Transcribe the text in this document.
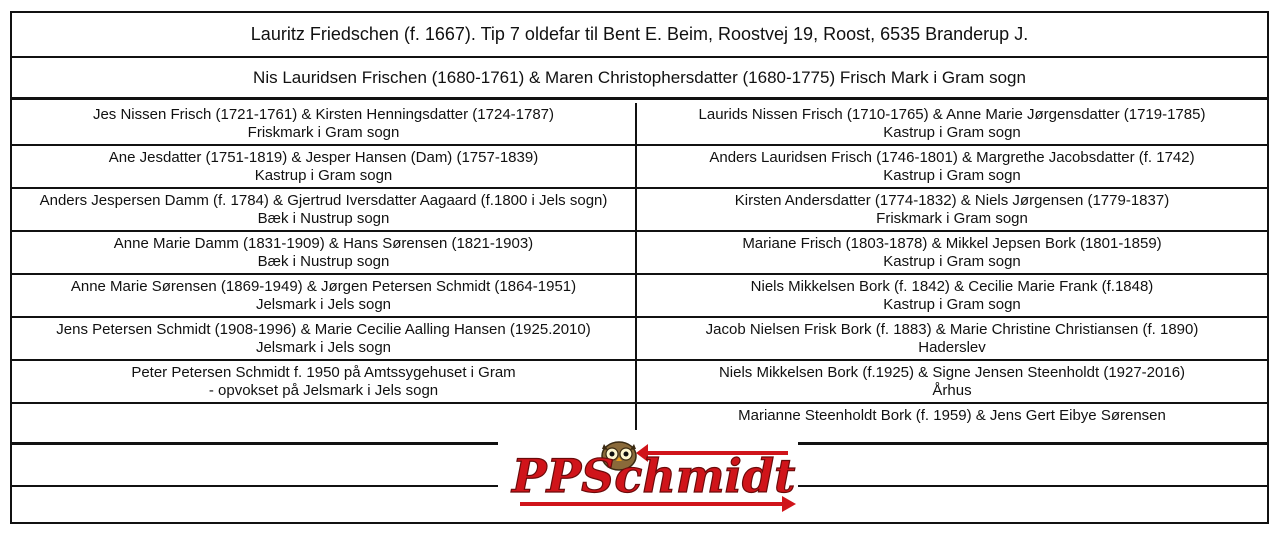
Lauritz Friedschen (f. 1667). Tip 7 oldefar til Bent E. Beim, Roostvej 19, Roost, 6535 Branderup J.
Nis Lauridsen Frischen (1680-1761) & Maren Christophersdatter (1680-1775) Frisch Mark i Gram sogn
Jes Nissen Frisch (1721-1761) & Kirsten Henningsdatter (1724-1787)
Friskmark i Gram sogn
Laurids Nissen Frisch (1710-1765) & Anne Marie Jørgensdatter (1719-1785)
Kastrup i Gram sogn
Ane Jesdatter (1751-1819) & Jesper Hansen (Dam) (1757-1839)
Kastrup i Gram sogn
Anders Lauridsen Frisch (1746-1801) & Margrethe Jacobsdatter (f. 1742)
Kastrup i Gram sogn
Anders Jespersen Damm (f. 1784) & Gjertrud Iversdatter Aagaard (f.1800 i Jels sogn)
Bæk i Nustrup sogn
Kirsten Andersdatter (1774-1832) & Niels Jørgensen (1779-1837)
Friskmark i Gram sogn
Anne Marie Damm (1831-1909) & Hans Sørensen (1821-1903)
Bæk i Nustrup sogn
Mariane Frisch (1803-1878) & Mikkel Jepsen Bork (1801-1859)
Kastrup i Gram sogn
Anne Marie Sørensen (1869-1949) & Jørgen Petersen Schmidt (1864-1951)
Jelsmark i Jels sogn
Niels Mikkelsen Bork (f. 1842) & Cecilie Marie Frank (f.1848)
Kastrup i Gram sogn
Jens Petersen Schmidt (1908-1996) & Marie Cecilie Aalling Hansen (1925.2010)
Jelsmark i Jels sogn
Jacob Nielsen Frisk Bork (f. 1883) & Marie Christine Christiansen (f. 1890)
Haderslev
Peter Petersen Schmidt f. 1950 på Amtssygehuset i Gram
- opvokset på Jelsmark i Jels sogn
Niels Mikkelsen Bork (f.1925) & Signe Jensen Steenholdt (1927-2016)
Århus
Marianne Steenholdt Bork (f. 1959) & Jens Gert Eibye Sørensen
PPSchmidt
